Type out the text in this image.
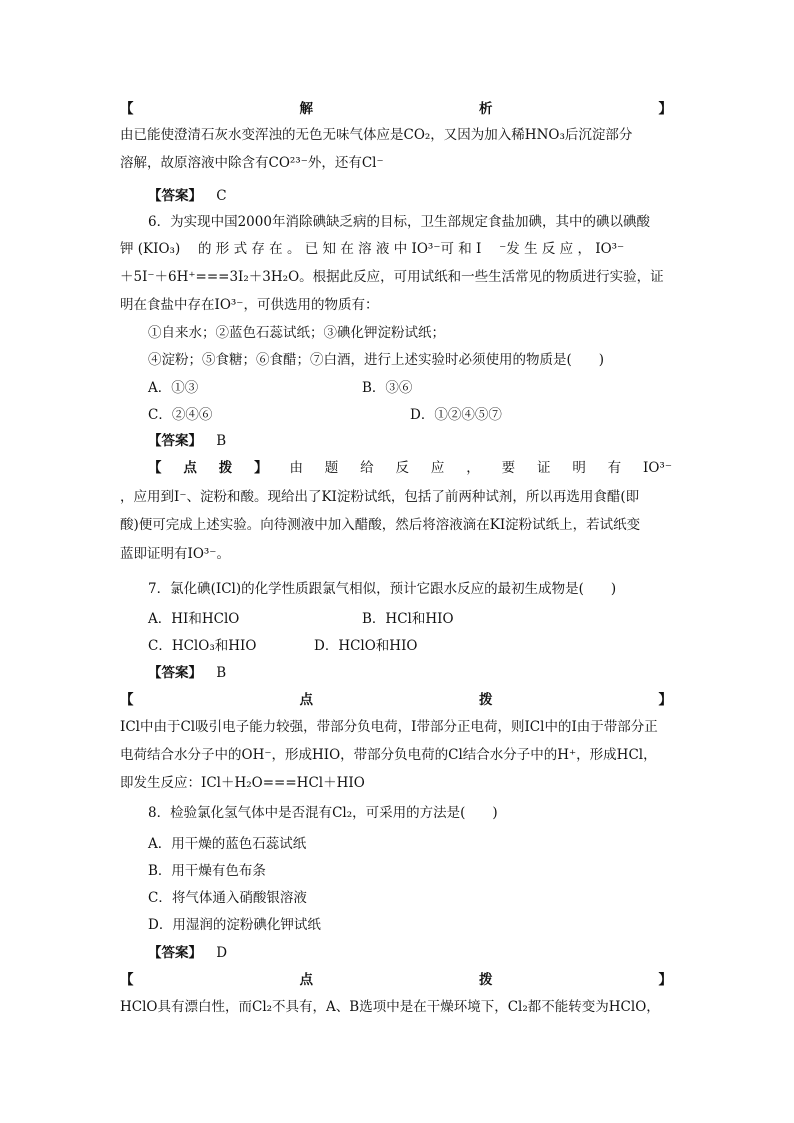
【	解	析	】
由已能使澄清石灰水变浑浊的无色无味气体应是CO₂，又因为加入稀HNO₃后沉淀部分
溶解，故原溶液中除含有CO²³⁻外，还有Cl⁻
【答案】 C
6．为实现中国2000年消除碘缺乏病的目标，卫生部规定食盐加碘，其中的碘以碘酸
钾 (KIO₃)　 的 形 式 存 在 。 已 知 在 溶 液 中 IO³⁻可 和 I　 ⁻发 生 反 应 ， IO³⁻
＋5I⁻＋6H⁺===3I₂＋3H₂O。根据此反应，可用试纸和一些生活常见的物质进行实验，证
明在食盐中存在IO³⁻，可供选用的物质有：
①自来水；②蓝色石蕊试纸；③碘化钾淀粉试纸；
④淀粉；⑤食糖；⑥食醋；⑦白酒，进行上述实验时必须使用的物质是(　　)
A．①③	B．③⑥
C．②④⑥	D．①②④⑤⑦
【答案】 B
【 点 拨 】 由 题 给 反 应 ， 要 证 明 有 IO³⁻
，应用到I⁻、淀粉和酸。现给出了KI淀粉试纸，包括了前两种试剂，所以再选用食醋(即
酸)便可完成上述实验。向待测液中加入醋酸，然后将溶液滴在KI淀粉试纸上，若试纸变
蓝即证明有IO³⁻。
7．氯化碘(ICl)的化学性质跟氯气相似，预计它跟水反应的最初生成物是(　　)
A．HI和HClO	B．HCl和HIO
C．HClO₃和HIO	D．HClO和HIO
【答案】 B
【	点	拨	】
ICl中由于Cl吸引电子能力较强，带部分负电荷，I带部分正电荷，则ICl中的I由于带部分正
电荷结合水分子中的OH⁻，形成HIO，带部分负电荷的Cl结合水分子中的H⁺，形成HCl，
即发生反应：ICl＋H₂O===HCl＋HIO
8．检验氯化氢气体中是否混有Cl₂，可采用的方法是(　　)
A．用干燥的蓝色石蕊试纸
B．用干燥有色布条
C．将气体通入硝酸银溶液
D．用湿润的淀粉碘化钾试纸
【答案】 D
【	点	拨	】
HClO具有漂白性，而Cl₂不具有，A、B选项中是在干燥环境下，Cl₂都不能转变为HClO，
